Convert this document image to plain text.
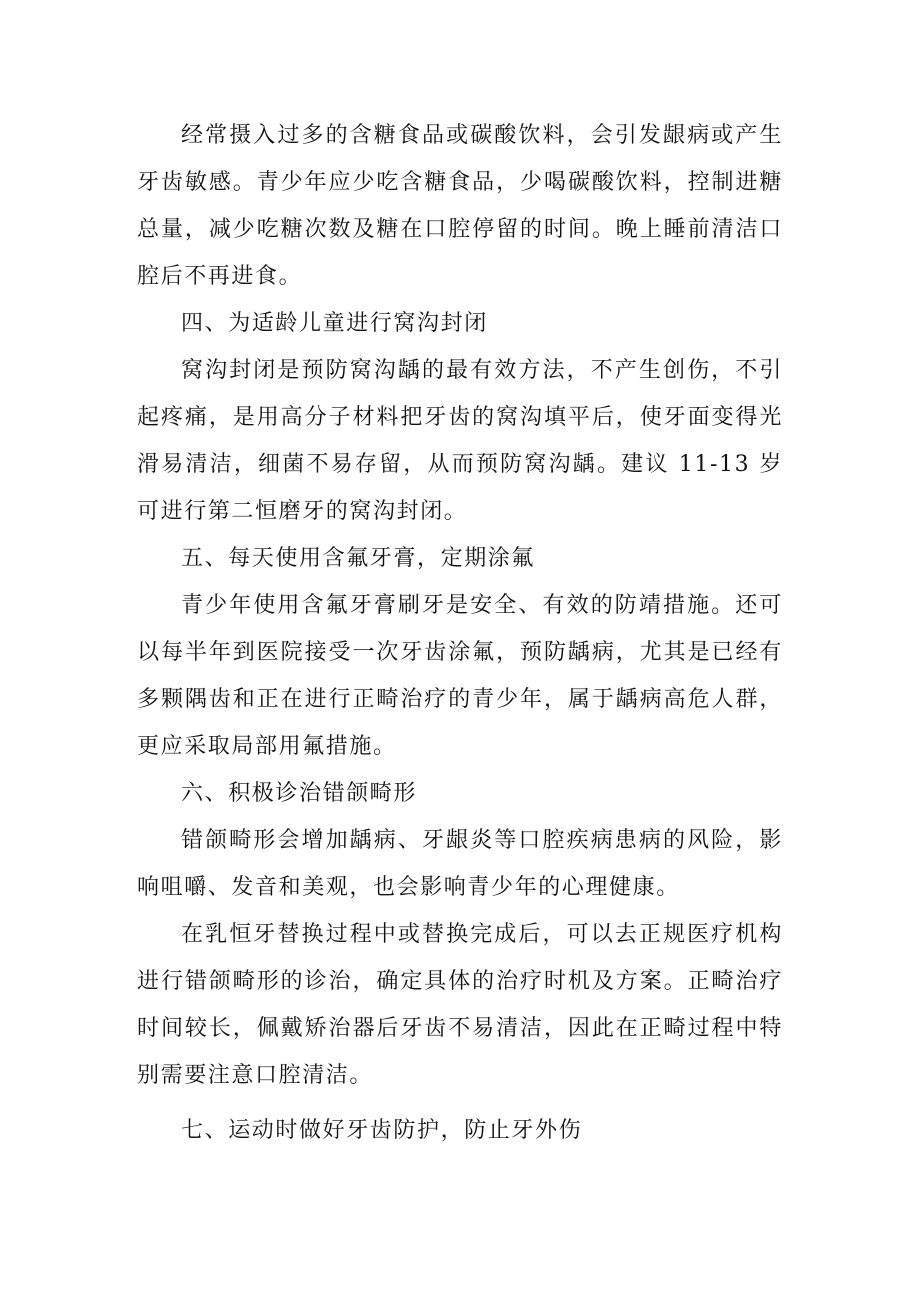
经常摄入过多的含糖食品或碳酸饮料，会引发龈病或产生牙齿敏感。青少年应少吃含糖食品，少喝碳酸饮料，控制进糖总量，减少吃糖次数及糖在口腔停留的时间。晚上睡前清洁口腔后不再进食。

四、为适龄儿童进行窝沟封闭

窝沟封闭是预防窝沟龋的最有效方法，不产生创伤，不引起疼痛，是用高分子材料把牙齿的窝沟填平后，使牙面变得光滑易清洁，细菌不易存留，从而预防窝沟龋。建议 11-13 岁可进行第二恒磨牙的窝沟封闭。

五、每天使用含氟牙膏，定期涂氟

青少年使用含氟牙膏刷牙是安全、有效的防靖措施。还可以每半年到医院接受一次牙齿涂氟，预防龋病，尤其是已经有多颗隅齿和正在进行正畸治疗的青少年，属于龋病高危人群，更应采取局部用氟措施。

六、积极诊治错颌畸形

错颌畸形会增加龋病、牙龈炎等口腔疾病患病的风险，影响咀嚼、发音和美观，也会影响青少年的心理健康。

在乳恒牙替换过程中或替换完成后，可以去正规医疗机构进行错颌畸形的诊治，确定具体的治疗时机及方案。正畸治疗时间较长，佩戴矫治器后牙齿不易清洁，因此在正畸过程中特别需要注意口腔清洁。

七、运动时做好牙齿防护，防止牙外伤
